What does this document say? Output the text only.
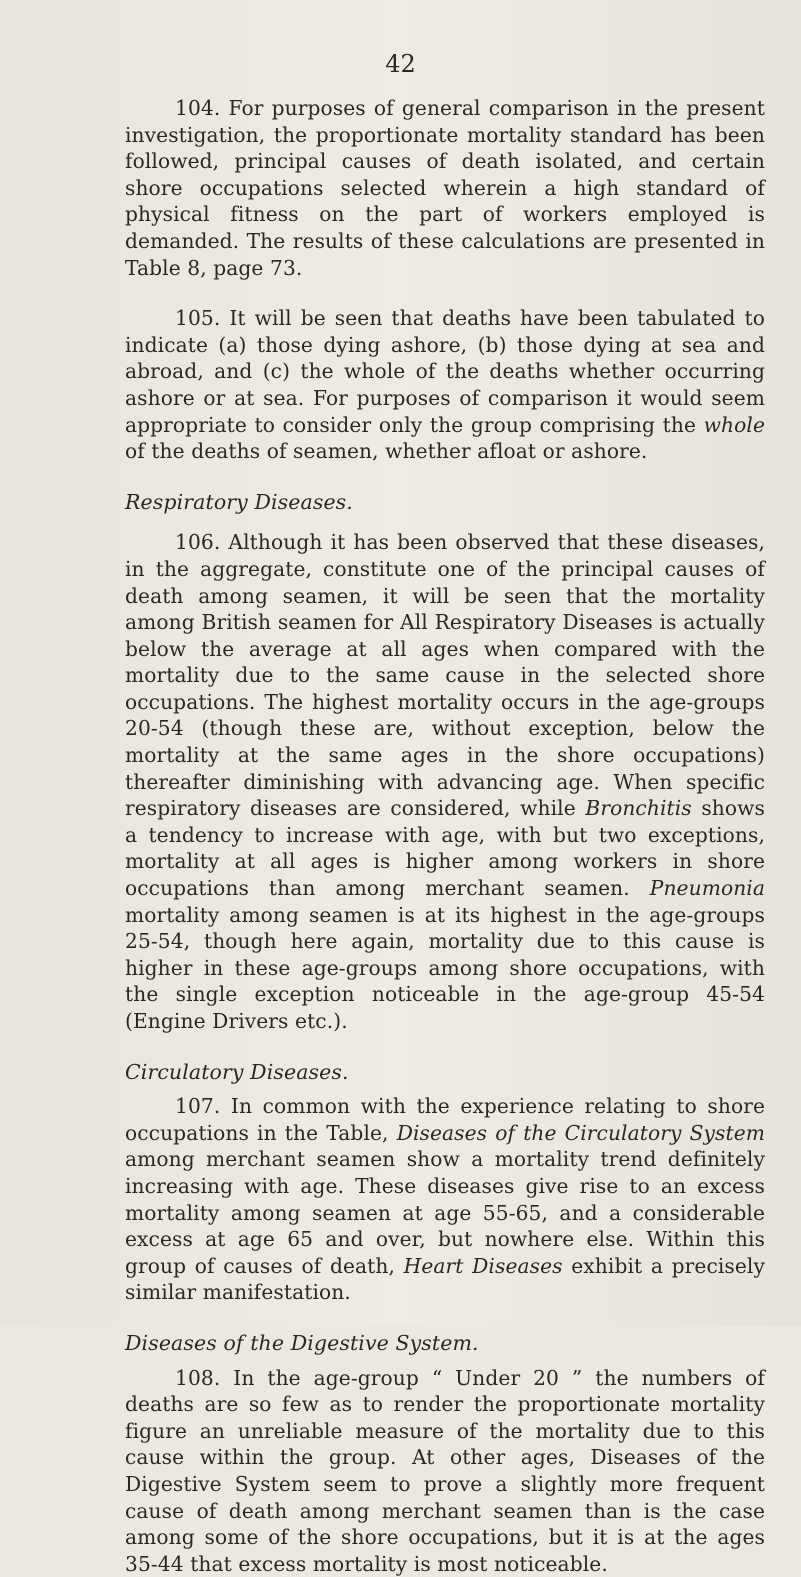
42

104. For purposes of general comparison in the present investigation, the proportionate mortality standard has been followed, principal causes of death isolated, and certain shore occupations selected wherein a high standard of physical fitness on the part of workers employed is demanded. The results of these calculations are presented in Table 8, page 73.

105. It will be seen that deaths have been tabulated to indicate (a) those dying ashore, (b) those dying at sea and abroad, and (c) the whole of the deaths whether occurring ashore or at sea. For purposes of comparison it would seem appropriate to consider only the group comprising the whole of the deaths of seamen, whether afloat or ashore.

Respiratory Diseases.

106. Although it has been observed that these diseases, in the aggregate, constitute one of the principal causes of death among seamen, it will be seen that the mortality among British seamen for All Respiratory Diseases is actually below the average at all ages when compared with the mortality due to the same cause in the selected shore occupations. The highest mortality occurs in the age-groups 20-54 (though these are, without exception, below the mortality at the same ages in the shore occupations) thereafter diminishing with advancing age. When specific respiratory diseases are considered, while Bronchitis shows a tendency to increase with age, with but two exceptions, mortality at all ages is higher among workers in shore occupations than among merchant seamen. Pneumonia mortality among seamen is at its highest in the age-groups 25-54, though here again, mortality due to this cause is higher in these age-groups among shore occupations, with the single exception noticeable in the age-group 45-54 (Engine Drivers etc.).

Circulatory Diseases.

107. In common with the experience relating to shore occupations in the Table, Diseases of the Circulatory System among merchant seamen show a mortality trend definitely increasing with age. These diseases give rise to an excess mortality among seamen at age 55-65, and a considerable excess at age 65 and over, but nowhere else. Within this group of causes of death, Heart Diseases exhibit a precisely similar manifestation.

Diseases of the Digestive System.

108. In the age-group “ Under 20 ” the numbers of deaths are so few as to render the proportionate mortality figure an unreliable measure of the mortality due to this cause within the group. At other ages, Diseases of the Digestive System seem to prove a slightly more frequent cause of death among merchant seamen than is the case among some of the shore occupations, but it is at the ages 35-44 that excess mortality is most noticeable.
